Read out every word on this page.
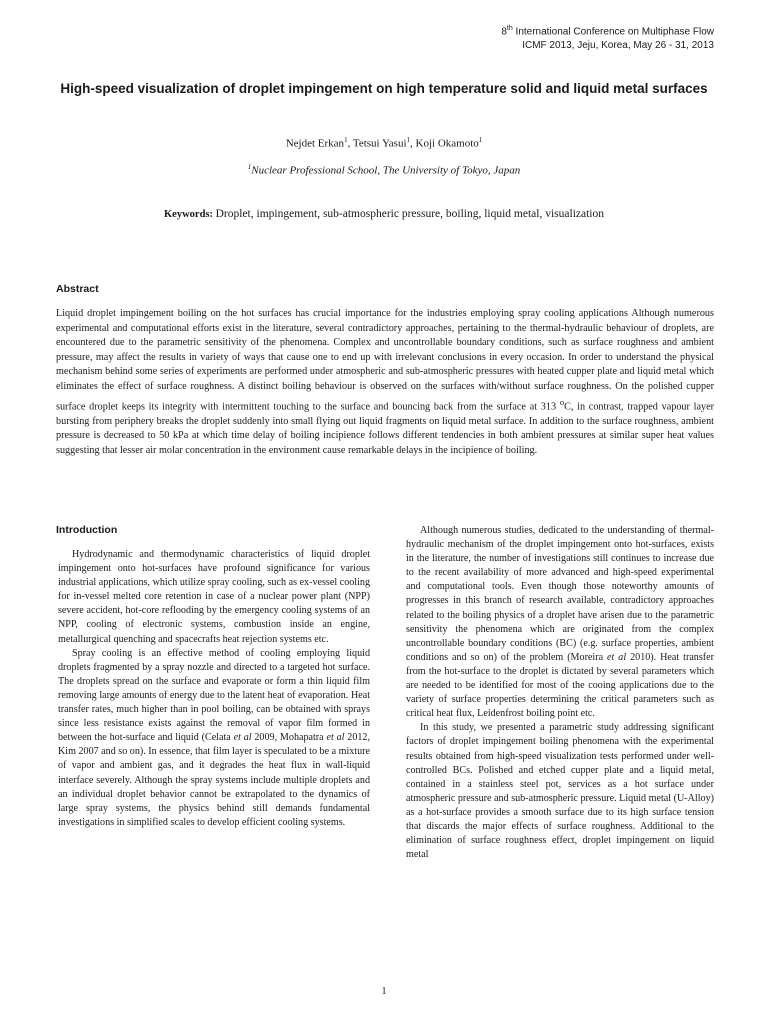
8th International Conference on Multiphase Flow
ICMF 2013, Jeju, Korea, May 26 - 31, 2013
High-speed visualization of droplet impingement on high temperature solid and liquid metal surfaces
Nejdet Erkan$^1$, Tetsui Yasui$^1$, Koji Okamoto$^1$
$^1$Nuclear Professional School, The University of Tokyo, Japan
Keywords: Droplet, impingement, sub-atmospheric pressure, boiling, liquid metal, visualization
Abstract
Liquid droplet impingement boiling on the hot surfaces has crucial importance for the industries employing spray cooling applications Although numerous experimental and computational efforts exist in the literature, several contradictory approaches, pertaining to the thermal-hydraulic behaviour of droplets, are encountered due to the parametric sensitivity of the phenomena. Complex and uncontrollable boundary conditions, such as surface roughness and ambient pressure, may affect the results in variety of ways that cause one to end up with irrelevant conclusions in every occasion. In order to understand the physical mechanism behind some series of experiments are performed under atmospheric and sub-atmospheric pressures with heated cupper plate and liquid metal which eliminates the effect of surface roughness. A distinct boiling behaviour is observed on the surfaces with/without surface roughness. On the polished cupper surface droplet keeps its integrity with intermittent touching to the surface and bouncing back from the surface at 313 $^o$C, in contrast, trapped vapour layer bursting from periphery breaks the droplet suddenly into small flying out liquid fragments on liquid metal surface. In addition to the surface roughness, ambient pressure is decreased to 50 kPa at which time delay of boiling incipience follows different tendencies in both ambient pressures at similar super heat values suggesting that lesser air molar concentration in the environment cause remarkable delays in the incipience of boiling.
Introduction

Hydrodynamic and thermodynamic characteristics of liquid droplet impingement onto hot-surfaces have profound significance for various industrial applications, which utilize spray cooling, such as ex-vessel cooling for in-vessel melted core retention in case of a nuclear power plant (NPP) severe accident, hot-core reflooding by the emergency cooling systems of an NPP, cooling of electronic systems, combustion inside an engine, metallurgical quenching and spacecrafts heat rejection systems etc.

Spray cooling is an effective method of cooling employing liquid droplets fragmented by a spray nozzle and directed to a targeted hot surface. The droplets spread on the surface and evaporate or form a thin liquid film removing large amounts of energy due to the latent heat of evaporation. Heat transfer rates, much higher than in pool boiling, can be obtained with sprays since less resistance exists against the removal of vapor film formed in between the hot-surface and liquid (Celata et al 2009, Mohapatra et al 2012, Kim 2007 and so on). In essence, that film layer is speculated to be a mixture of vapor and ambient gas, and it degrades the heat flux in wall-liquid interface severely. Although the spray systems include multiple droplets and an individual droplet behavior cannot be extrapolated to the dynamics of large spray systems, the physics behind still demands fundamental investigations in simplified scales to develop efficient cooling systems.

Although numerous studies, dedicated to the understanding of thermal-hydraulic mechanism of the droplet impingement onto hot-surfaces, exists in the literature, the number of investigations still continues to increase due to the recent availability of more advanced and high-speed experimental and computational tools. Even though those noteworthy amounts of progresses in this branch of research available, contradictory approaches related to the boiling physics of a droplet have arisen due to the parametric sensitivity the phenomena which are originated from the complex uncontrollable boundary conditions (BC) (e.g. surface properties, ambient conditions and so on) of the problem (Moreira et al 2010). Heat transfer from the hot-surface to the droplet is dictated by several parameters which are needed to be identified for most of the cooing applications due to the variety of surface properties determining the critical parameters such as critical heat flux, Leidenfrost boiling point etc.

In this study, we presented a parametric study addressing significant factors of droplet impingement boiling phenomena with the experimental results obtained from high-speed visualization tests performed under well-controlled BCs. Polished and etched cupper plate and a liquid metal, contained in a stainless steel pot, services as a hot surface under atmospheric pressure and sub-atmospheric pressure. Liquid metal (U-Alloy) as a hot-surface provides a smooth surface due to its high surface tension that discards the major effects of surface roughness. Additional to the elimination of surface roughness effect, droplet impingement on liquid metal

1
